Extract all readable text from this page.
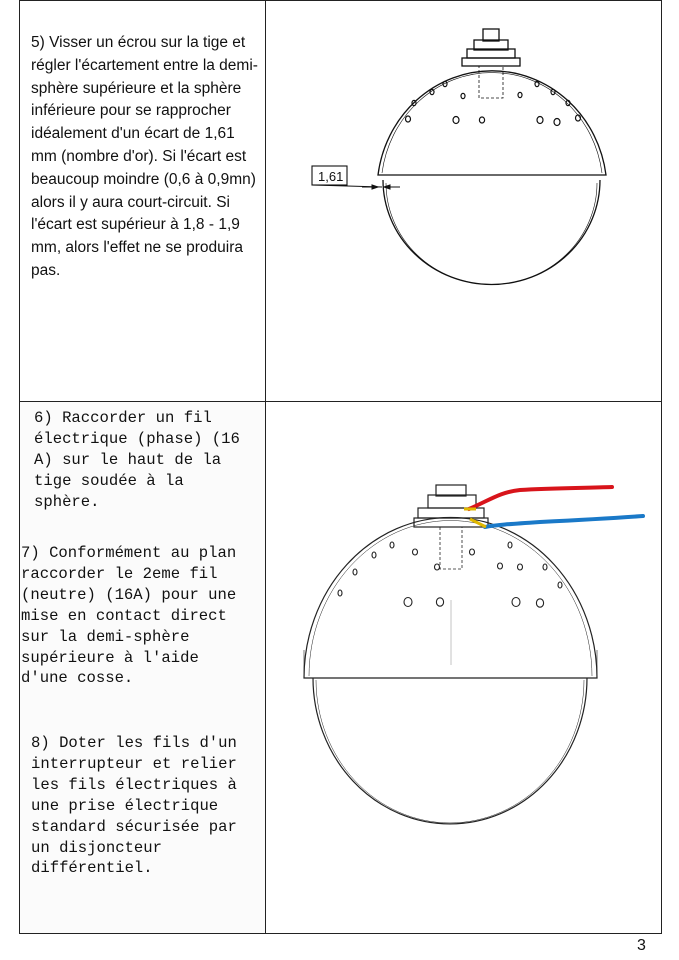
5) Visser un écrou sur la tige et régler l'écartement entre la demi-sphère supérieure et la sphère inférieure pour se rapprocher idéalement d'un écart de 1,61 mm (nombre d'or). Si l'écart est beaucoup moindre (0,6 à 0,9mn) alors il y aura court-circuit. Si l'écart est supérieur à 1,8 - 1,9 mm, alors l'effet ne se produira pas.
6) Raccorder un fil
électrique (phase) (16
A) sur le haut de la
tige soudée à la
sphère.
7) Conformément au plan
raccorder le 2eme fil
(neutre) (16A) pour une
mise en contact direct
sur la demi-sphère
supérieure à l'aide
d'une cosse.
8) Doter les fils d'un
interrupteur et relier
les fils électriques à
une prise électrique
standard sécurisée par
un disjoncteur
différentiel.
1,61
3
